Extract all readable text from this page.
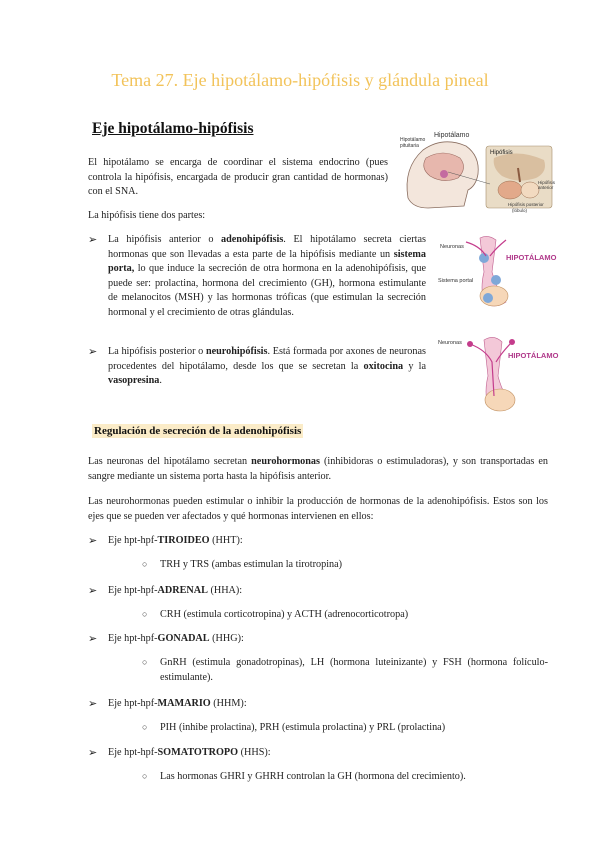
Tema 27. Eje hipotálamo-hipófisis y glándula pineal
Eje hipotálamo-hipófisis
El hipotálamo se encarga de coordinar el sistema endocrino (pues controla la hipófisis, encargada de producir gran cantidad de hormonas) con el SNA.
La hipófisis tiene dos partes:
➢ La hipófisis anterior o adenohipófisis. El hipotálamo secreta ciertas hormonas que son llevadas a esta parte de la hipófisis mediante un sistema porta, lo que induce la secreción de otra hormona en la adenohipófisis, que puede ser: prolactina, hormona del crecimiento (GH), hormona estimulante de melanocitos (MSH) y las hormonas tróficas (que estimulan la secreción hormonal y el crecimiento de otras glándulas.
➢ La hipófisis posterior o neurohipófisis. Está formada por axones de neuronas procedentes del hipotálamo, desde los que se secretan la oxitocina y la vasopresina.
Hipotálamo
Hipotálamo
pituitaria
Hipófisis
Hipófisis
anterior
Hipófisis posterior
(lóbulo)
Neuronas
Sistema portal
HIPOTÁLAMO
Neuronas
HIPOTÁLAMO
Regulación de secreción de la adenohipófisis
Las neuronas del hipotálamo secretan neurohormonas (inhibidoras o estimuladoras), y son transportadas en sangre mediante un sistema porta hasta la hipófisis anterior.
Las neurohormonas pueden estimular o inhibir la producción de hormonas de la adenohipófisis. Estos son los ejes que se pueden ver afectados y qué hormonas intervienen en ellos:
➢ Eje hpt-hpf-TIROIDEO (HHT):
○ TRH y TRS (ambas estimulan la tirotropina)
➢ Eje hpt-hpf-ADRENAL (HHA):
○ CRH (estimula corticotropina) y ACTH (adrenocorticotropa)
➢ Eje hpt-hpf-GONADAL (HHG):
○ GnRH (estimula gonadotropinas), LH (hormona luteinizante) y FSH (hormona folículo-estimulante).
➢ Eje hpt-hpf-MAMARIO (HHM):
○ PIH (inhibe prolactina), PRH (estimula prolactina) y PRL (prolactina)
➢ Eje hpt-hpf-SOMATOTROPO (HHS):
○ Las hormonas GHRI y GHRH controlan la GH (hormona del crecimiento).
